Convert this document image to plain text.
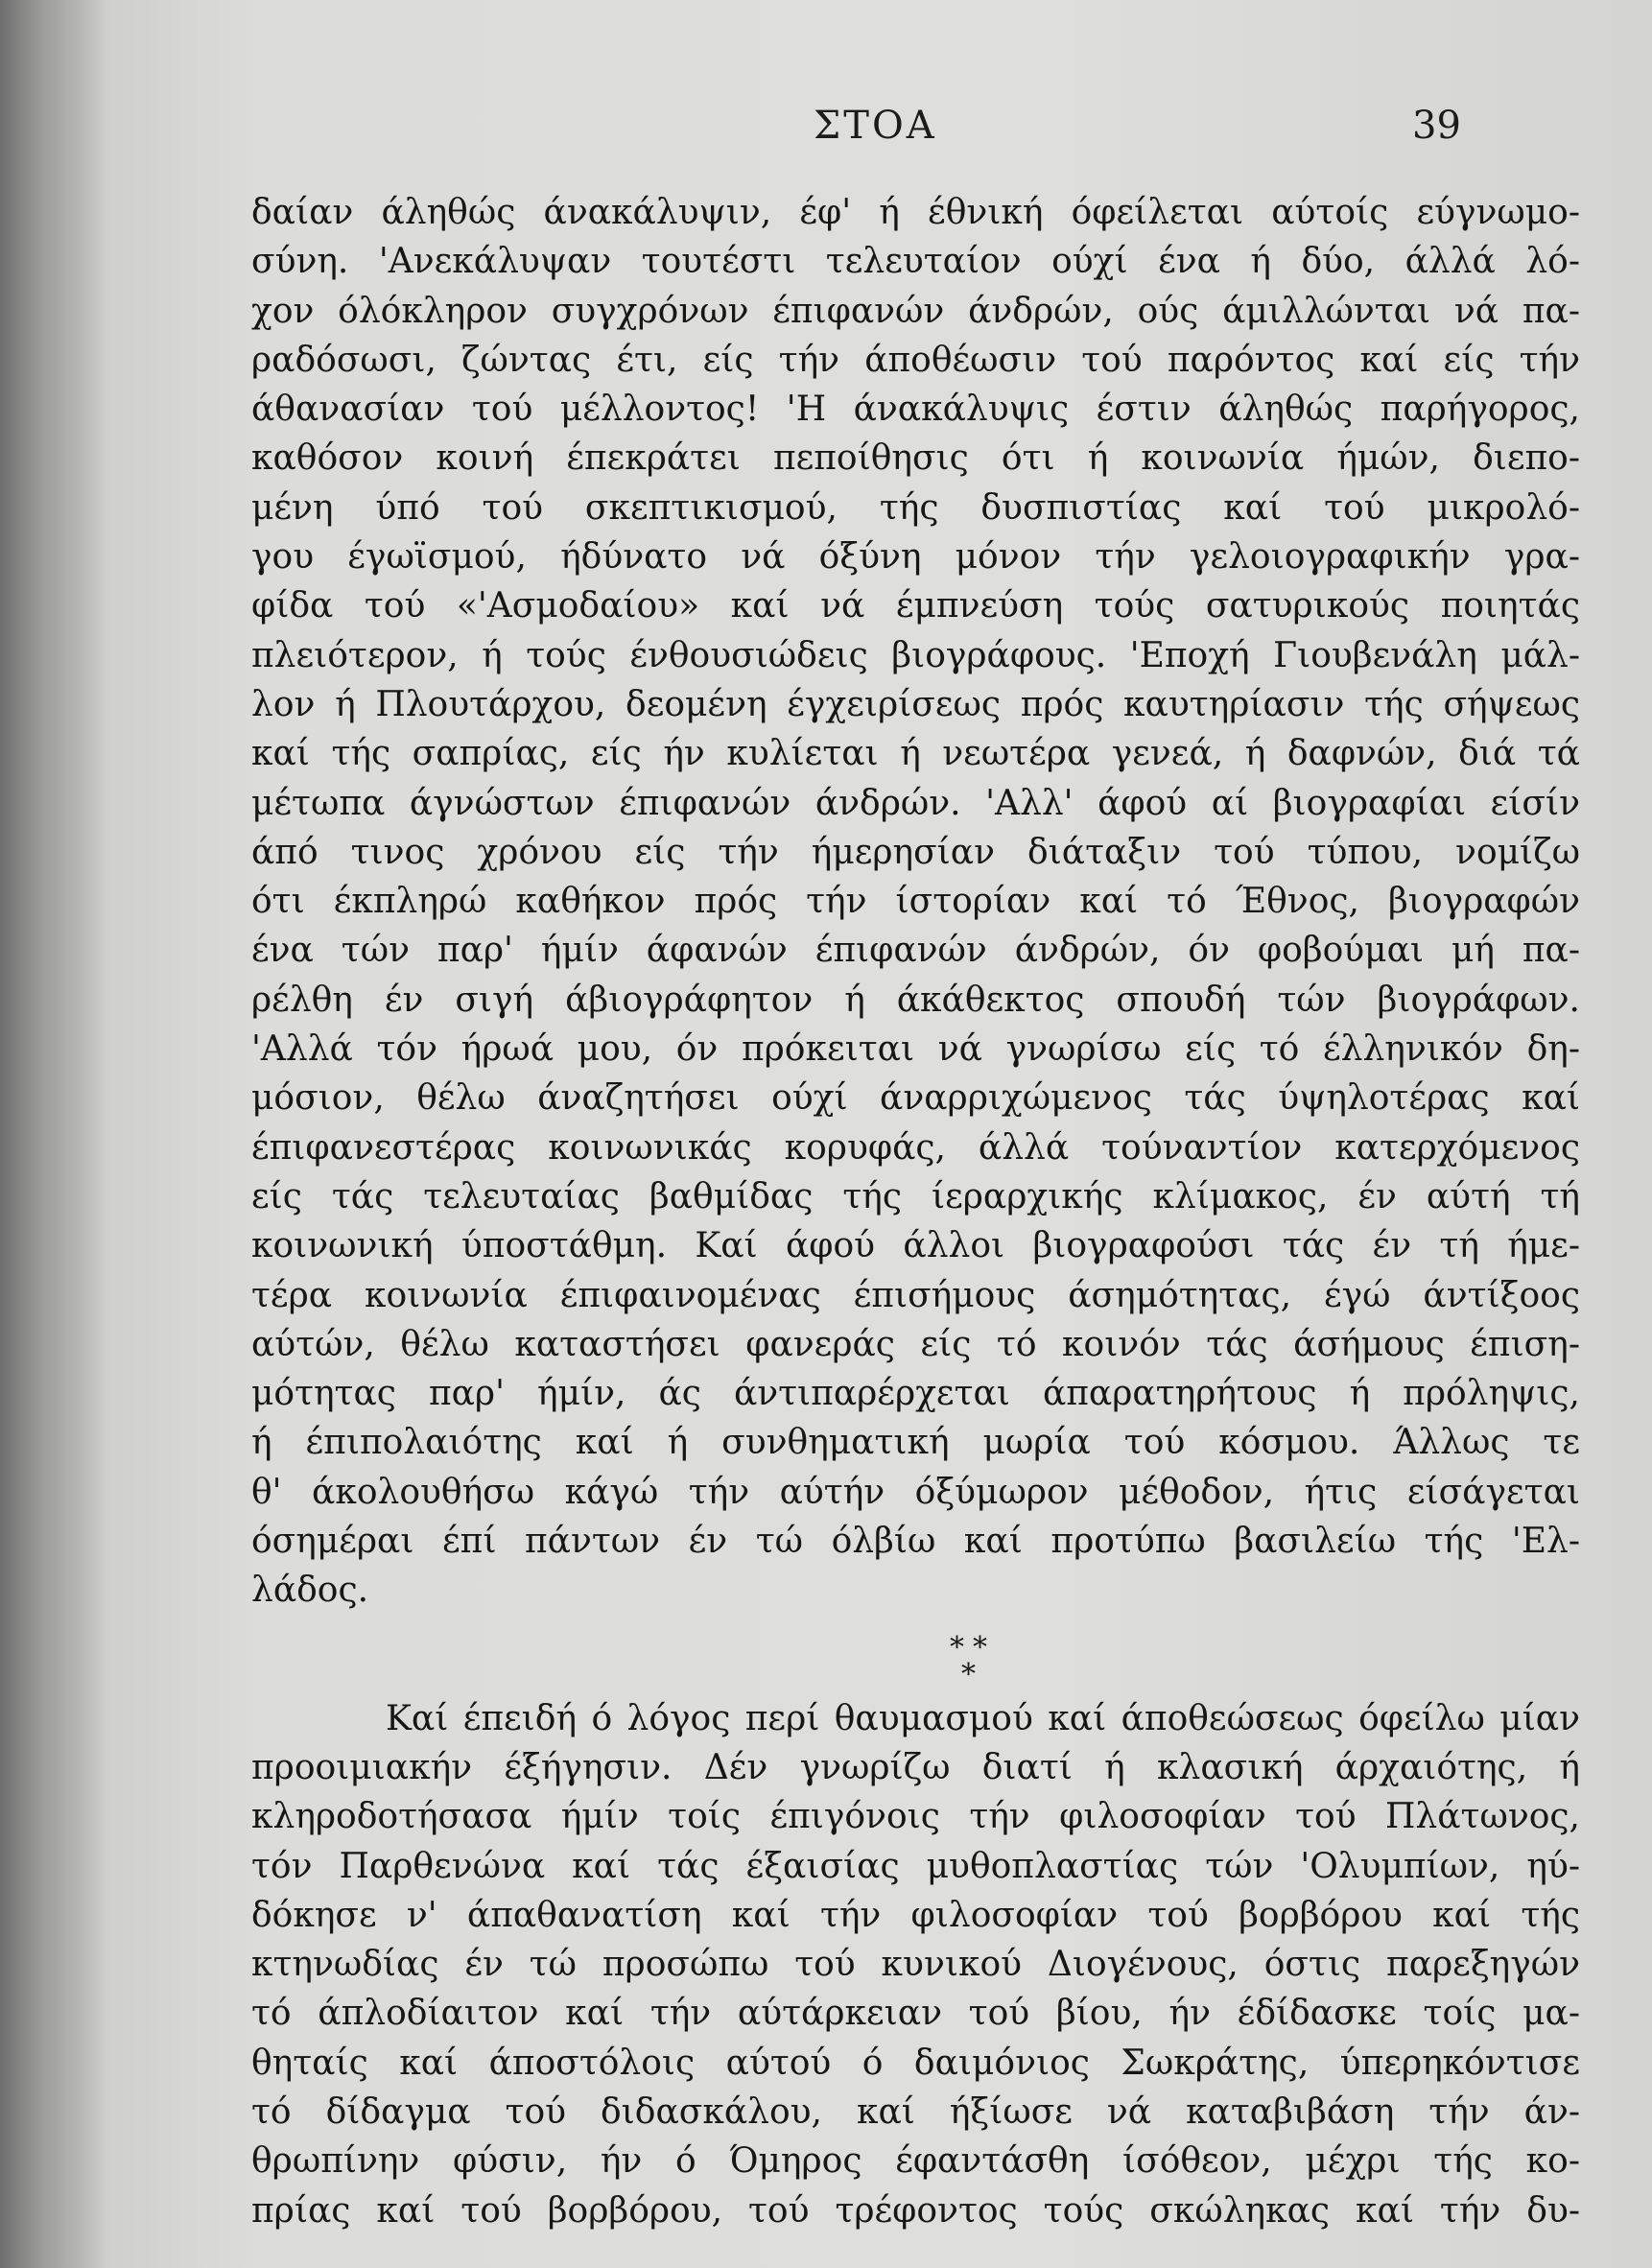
ΣΤΟΑ	39
δαίαν άληθώς άνακάλυψιν, έφ' ή έθνική όφείλεται αύτοίς εύγνωμο-
σύνη. 'Ανεκάλυψαν τουτέστι τελευταίον ούχί ένα ή δύο, άλλά λό-
χον όλόκληρον συγχρόνων έπιφανών άνδρών, ούς άμιλλώνται νά πα-
ραδόσωσι, ζώντας έτι, είς τήν άποθέωσιν τού παρόντος καί είς τήν
άθανασίαν τού μέλλοντος! 'Η άνακάλυψις έστιν άληθώς παρήγορος,
καθόσον κοινή έπεκράτει πεποίθησις ότι ή κοινωνία ήμών, διεπο-
μένη ύπό τού σκεπτικισμού, τής δυσπιστίας καί τού μικρολό-
γου έγωϊσμού, ήδύνατο νά όξύνη μόνον τήν γελοιογραφικήν γρα-
φίδα τού «'Ασμοδαίου» καί νά έμπνεύση τούς σατυρικούς ποιητάς
πλειότερον, ή τούς ένθουσιώδεις βιογράφους. 'Εποχή Γιουβενάλη μάλ-
λον ή Πλουτάρχου, δεομένη έγχειρίσεως πρός καυτηρίασιν τής σήψεως
καί τής σαπρίας, είς ήν κυλίεται ή νεωτέρα γενεά, ή δαφνών, διά τά
μέτωπα άγνώστων έπιφανών άνδρών. 'Αλλ' άφού αί βιογραφίαι είσίν
άπό τινος χρόνου είς τήν ήμερησίαν διάταξιν τού τύπου, νομίζω
ότι έκπληρώ καθήκον πρός τήν ίστορίαν καί τό Έθνος, βιογραφών
ένα τών παρ' ήμίν άφανών έπιφανών άνδρών, όν φοβούμαι μή πα-
ρέλθη έν σιγή άβιογράφητον ή άκάθεκτος σπουδή τών βιογράφων.
'Αλλά τόν ήρωά μου, όν πρόκειται νά γνωρίσω είς τό έλληνικόν δη-
μόσιον, θέλω άναζητήσει ούχί άναρριχώμενος τάς ύψηλοτέρας καί
έπιφανεστέρας κοινωνικάς κορυφάς, άλλά τούναντίον κατερχόμενος
είς τάς τελευταίας βαθμίδας τής ίεραρχικής κλίμακος, έν αύτή τή
κοινωνική ύποστάθμη. Καί άφού άλλοι βιογραφούσι τάς έν τή ήμε-
τέρα κοινωνία έπιφαινομένας έπισήμους άσημότητας, έγώ άντίξοος
αύτών, θέλω καταστήσει φανεράς είς τό κοινόν τάς άσήμους έπιση-
μότητας παρ' ήμίν, άς άντιπαρέρχεται άπαρατηρήτους ή πρόληψις,
ή έπιπολαιότης καί ή συνθηματική μωρία τού κόσμου. Άλλως τε
θ' άκολουθήσω κάγώ τήν αύτήν όξύμωρον μέθοδον, ήτις είσάγεται
όσημέραι έπί πάντων έν τώ όλβίω καί προτύπω βασιλείω τής 'Ελ-
λάδος.
* *
*
Καί έπειδή ό λόγος περί θαυμασμού καί άποθεώσεως όφείλω μίαν
προοιμιακήν έξήγησιν. Δέν γνωρίζω διατί ή κλασική άρχαιότης, ή
κληροδοτήσασα ήμίν τοίς έπιγόνοις τήν φιλοσοφίαν τού Πλάτωνος,
τόν Παρθενώνα καί τάς έξαισίας μυθοπλαστίας τών 'Ολυμπίων, ηύ-
δόκησε ν' άπαθανατίση καί τήν φιλοσοφίαν τού βορβόρου καί τής
κτηνωδίας έν τώ προσώπω τού κυνικού Διογένους, όστις παρεξηγών
τό άπλοδίαιτον καί τήν αύτάρκειαν τού βίου, ήν έδίδασκε τοίς μα-
θηταίς καί άποστόλοις αύτού ό δαιμόνιος Σωκράτης, ύπερηκόντισε
τό δίδαγμα τού διδασκάλου, καί ήξίωσε νά καταβιβάση τήν άν-
θρωπίνην φύσιν, ήν ό Όμηρος έφαντάσθη ίσόθεον, μέχρι τής κο-
πρίας καί τού βορβόρου, τού τρέφοντος τούς σκώληκας καί τήν δυ-
